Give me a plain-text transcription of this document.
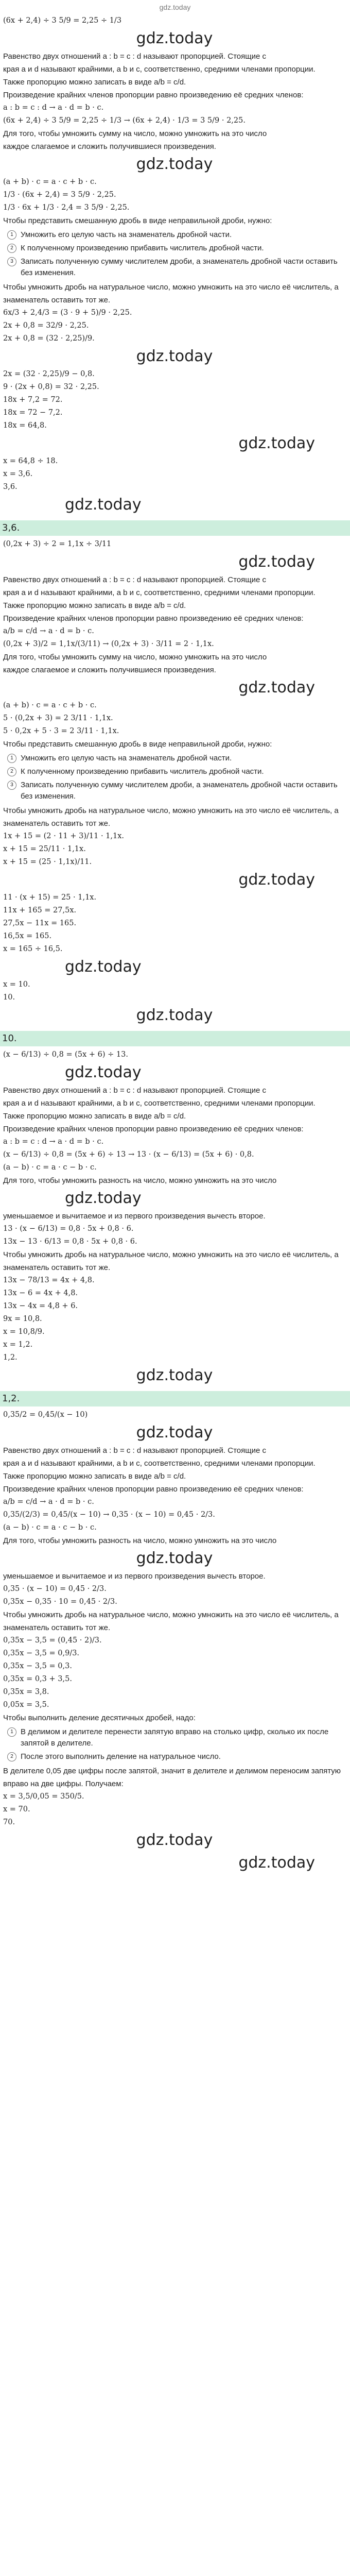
gdz.today
(6x + 2,4) ÷ 3 5/9 = 2,25 ÷ 1/3
gdz.today
Равенство двух отношений a : b = c : d называют пропорцией. Стоящие с
края a и d называют крайними, а b и c, соответственно, средними членами пропорции.
Также пропорцию можно записать в виде a/b = c/d.
Произведение крайних членов пропорции равно произведению её средних членов:
a : b = c : d → a · d = b · c.
(6x + 2,4) ÷ 3 5/9 = 2,25 ÷ 1/3 → (6x + 2,4) · 1/3 = 3 5/9 · 2,25.
Для того, чтобы умножить сумму на число, можно умножить на это число
каждое слагаемое и сложить получившиеся произведения.
gdz.today
(a + b) · c = a · c + b · c.
1/3 · (6x + 2,4) = 3 5/9 · 2,25.
1/3 · 6x + 1/3 · 2,4 = 3 5/9 · 2,25.
Чтобы представить смешанную дробь в виде неправильной дроби, нужно:
1 Умножить его целую часть на знаменатель дробной части.
2 К полученному произведению прибавить числитель дробной части.
3 Записать полученную сумму числителем дроби, а знаменатель дробной части оставить без изменения.
Чтобы умножить дробь на натуральное число, можно умножить на это число её числитель, а знаменатель оставить тот же.
6x/3 + 2,4/3 = (3 · 9 + 5)/9 · 2,25.
2x + 0,8 = 32/9 · 2,25.
2x + 0,8 = (32 · 2,25)/9.
gdz.today
2x = (32 · 2,25)/9 − 0,8.
9 · (2x + 0,8) = 32 · 2,25.
18x + 7,2 = 72.
18x = 72 − 7,2.
18x = 64,8.
gdz.today
x = 64,8 ÷ 18.
x = 3,6.
3,6.
gdz.today
3,6.
(0,2x + 3) ÷ 2 = 1,1x ÷ 3/11
gdz.today
Равенство двух отношений a : b = c : d называют пропорцией. Стоящие с
края a и d называют крайними, а b и c, соответственно, средними членами пропорции.
Также пропорцию можно записать в виде a/b = c/d.
Произведение крайних членов пропорции равно произведению её средних членов:
a/b = c/d → a · d = b · c.
(0,2x + 3)/2 = 1,1x/(3/11) → (0,2x + 3) · 3/11 = 2 · 1,1x.
Для того, чтобы умножить сумму на число, можно умножить на это число
каждое слагаемое и сложить получившиеся произведения.
gdz.today
(a + b) · c = a · c + b · c.
5 · (0,2x + 3) = 2 3/11 · 1,1x.
5 · 0,2x + 5 · 3 = 2 3/11 · 1,1x.
Чтобы представить смешанную дробь в виде неправильной дроби, нужно:
1 Умножить его целую часть на знаменатель дробной части.
2 К полученному произведению прибавить числитель дробной части.
3 Записать полученную сумму числителем дроби, а знаменатель дробной части оставить без изменения.
Чтобы умножить дробь на натуральное число, можно умножить на это число её числитель, а знаменатель оставить тот же.
1x + 15 = (2 · 11 + 3)/11 · 1,1x.
x + 15 = 25/11 · 1,1x.
x + 15 = (25 · 1,1x)/11.
gdz.today
11 · (x + 15) = 25 · 1,1x.
11x + 165 = 27,5x.
27,5x − 11x = 165.
16,5x = 165.
x = 165 ÷ 16,5.
gdz.today
x = 10.
10.
gdz.today
10.
(x − 6/13) ÷ 0,8 = (5x + 6) ÷ 13.
gdz.today
Равенство двух отношений a : b = c : d называют пропорцией. Стоящие с
края a и d называют крайними, а b и c, соответственно, средними членами пропорции.
Также пропорцию можно записать в виде a/b = c/d.
Произведение крайних членов пропорции равно произведению её средних членов:
a : b = c : d → a · d = b · c.
(x − 6/13) ÷ 0,8 = (5x + 6) ÷ 13 → 13 · (x − 6/13) = (5x + 6) · 0,8.
(a − b) · c = a · c − b · c.
Для того, чтобы умножить разность на число, можно умножить на это число
gdz.today
уменьшаемое и вычитаемое и из первого произведения вычесть второе.
13 · (x − 6/13) = 0,8 · 5x + 0,8 · 6.
13x − 13 · 6/13 = 0,8 · 5x + 0,8 · 6.
Чтобы умножить дробь на натуральное число, можно умножить на это число её числитель, а знаменатель оставить тот же.
13x − 78/13 = 4x + 4,8.
13x − 6 = 4x + 4,8.
13x − 4x = 4,8 + 6.
9x = 10,8.
x = 10,8/9.
x = 1,2.
1,2.
gdz.today
1,2.
0,35/2 = 0,45/(x − 10)
gdz.today
Равенство двух отношений a : b = c : d называют пропорцией. Стоящие с
края a и d называют крайними, а b и c, соответственно, средними членами пропорции.
Также пропорцию можно записать в виде a/b = c/d.
Произведение крайних членов пропорции равно произведению её средних членов:
a/b = c/d → a · d = b · c.
0,35/(2/3) = 0,45/(x − 10) → 0,35 · (x − 10) = 0,45 · 2/3.
(a − b) · c = a · c − b · c.
Для того, чтобы умножить разность на число, можно умножить на это число
gdz.today
уменьшаемое и вычитаемое и из первого произведения вычесть второе.
0,35 · (x − 10) = 0,45 · 2/3.
0,35x − 0,35 · 10 = 0,45 · 2/3.
Чтобы умножить дробь на натуральное число, можно умножить на это число её числитель, а знаменатель оставить тот же.
0,35x − 3,5 = (0,45 · 2)/3.
0,35x − 3,5 = 0,9/3.
0,35x − 3,5 = 0,3.
0,35x = 0,3 + 3,5.
0,35x = 3,8.
0,05x = 3,5.
Чтобы выполнить деление десятичных дробей, надо:
1 В делимом и делителе перенести запятую вправо на столько цифр, сколько их после запятой в делителе.
2 После этого выполнить деление на натуральное число.
В делителе 0,05 две цифры после запятой, значит в делителе и делимом переносим запятую вправо на две цифры. Получаем:
x = 3,5/0,05 = 350/5.
x = 70.
70.
gdz.today
gdz.today
